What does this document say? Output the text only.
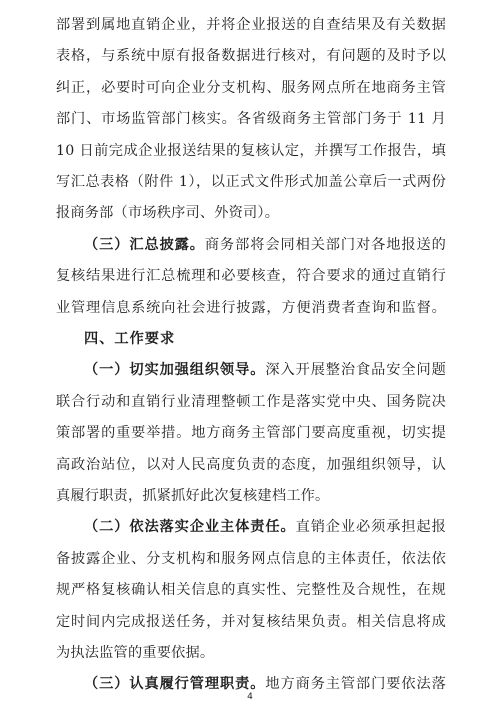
部署到属地直销企业，并将企业报送的自查结果及有关数据
表格，与系统中原有报备数据进行核对，有问题的及时予以
纠正，必要时可向企业分支机构、服务网点所在地商务主管
部门、市场监管部门核实。各省级商务主管部门务于 11 月
10 日前完成企业报送结果的复核认定，并撰写工作报告，填
写汇总表格（附件 1），以正式文件形式加盖公章后一式两份
报商务部（市场秩序司、外资司）。
（三）汇总披露。商务部将会同相关部门对各地报送的
复核结果进行汇总梳理和必要核查，符合要求的通过直销行
业管理信息系统向社会进行披露，方便消费者查询和监督。
四、工作要求
（一）切实加强组织领导。深入开展整治食品安全问题
联合行动和直销行业清理整顿工作是落实党中央、国务院决
策部署的重要举措。地方商务主管部门要高度重视，切实提
高政治站位，以对人民高度负责的态度，加强组织领导，认
真履行职责，抓紧抓好此次复核建档工作。
（二）依法落实企业主体责任。直销企业必须承担起报
备披露企业、分支机构和服务网点信息的主体责任，依法依
规严格复核确认相关信息的真实性、完整性及合规性，在规
定时间内完成报送任务，并对复核结果负责。相关信息将成
为执法监管的重要依据。
（三）认真履行管理职责。地方商务主管部门要依法落
4
